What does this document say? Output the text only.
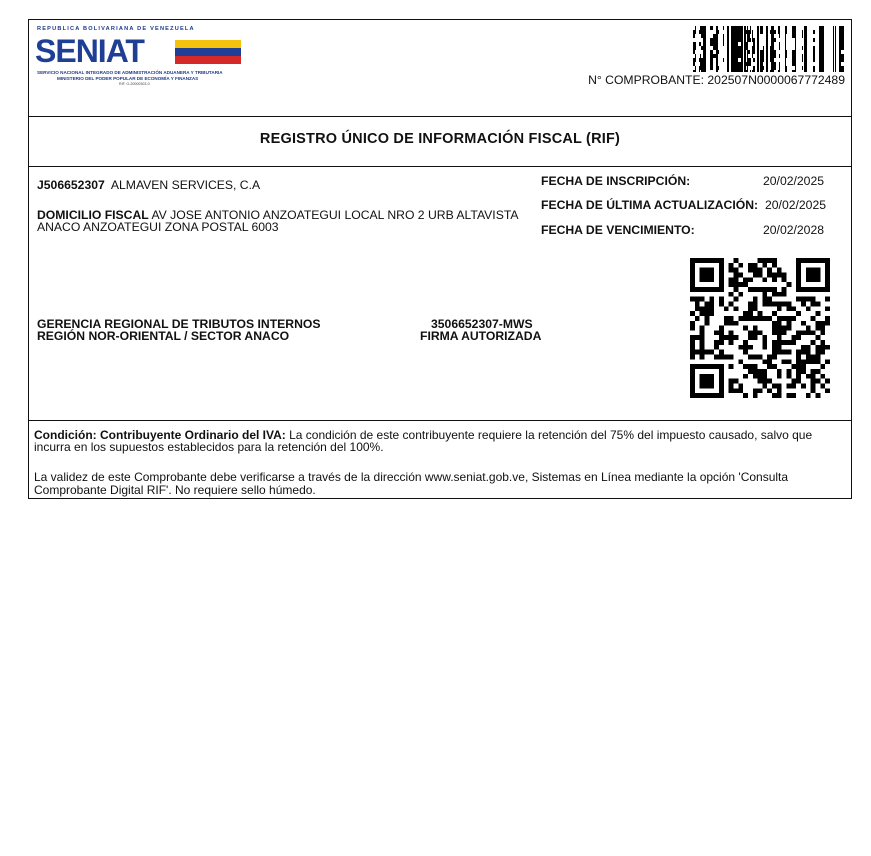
REPUBLICA BOLIVARIANA DE VENEZUELA
SENIAT
SERVICIO NACIONAL INTEGRADO DE ADMINISTRACIÓN ADUANERA Y TRIBUTARIA
MINISTERIO DEL PODER POPULAR DE ECONOMÍA Y FINANZAS
RIF. G-20000303-0	N° COMPROBANTE: 202507N0000067772489
REGISTRO ÚNICO DE INFORMACIÓN FISCAL (RIF)
J506652307 ALMAVEN SERVICES, C.A
DOMICILIO FISCAL AV JOSE ANTONIO ANZOATEGUI LOCAL NRO 2 URB ALTAVISTA
ANACO ANZOATEGUI ZONA POSTAL 6003
FECHA DE INSCRIPCIÓN:	20/02/2025
FECHA DE ÚLTIMA ACTUALIZACIÓN: 20/02/2025
FECHA DE VENCIMIENTO:	20/02/2028
GERENCIA REGIONAL DE TRIBUTOS INTERNOS
REGIÓN NOR-ORIENTAL / SECTOR ANACO
3506652307-MWS
FIRMA AUTORIZADA
Condición: Contribuyente Ordinario del IVA: La condición de este contribuyente requiere la retención del 75% del impuesto causado, salvo que
incurra en los supuestos establecidos para la retención del 100%.
La validez de este Comprobante debe verificarse a través de la dirección www.seniat.gob.ve, Sistemas en Línea mediante la opción 'Consulta
Comprobante Digital RIF'. No requiere sello húmedo.
